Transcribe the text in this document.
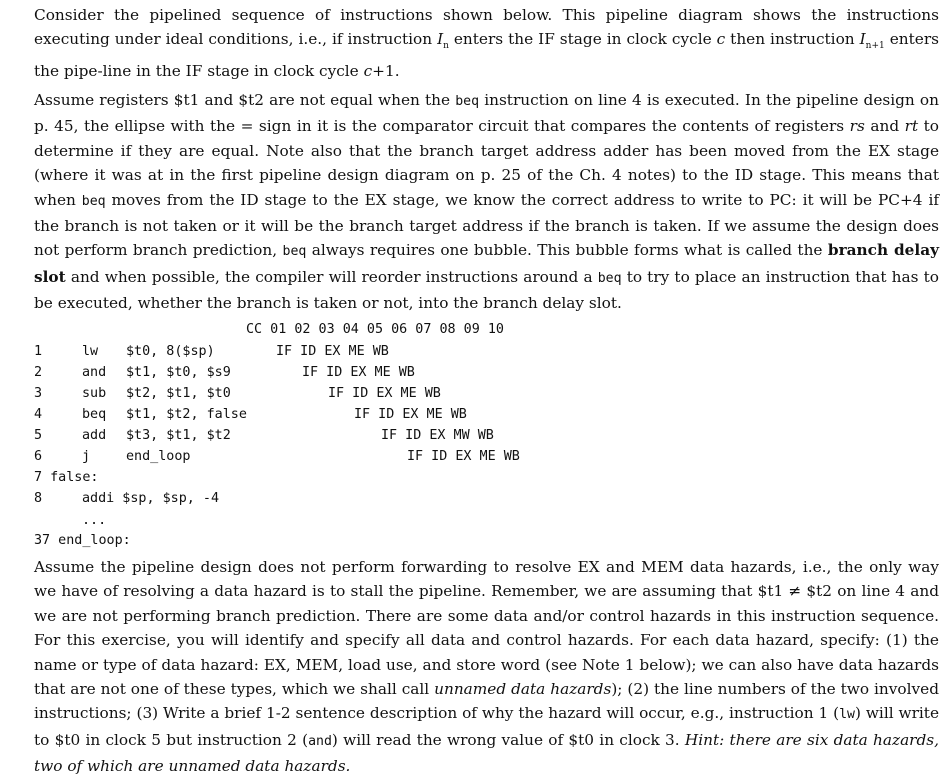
Consider the pipelined sequence of instructions shown below. This pipeline diagram shows the instructions executing under ideal conditions, i.e., if instruction $I_n$ enters the IF stage in clock cycle c then instruction $I_{n+1}$ enters the pipe-line in the IF stage in clock cycle c+1.
Assume registers $t1 and $t2 are not equal when the beq instruction on line 4 is executed. In the pipeline design on p. 45, the ellipse with the = sign in it is the comparator circuit that compares the contents of registers rs and rt to determine if they are equal. Note also that the branch target address adder has been moved from the EX stage (where it was at in the first pipeline design diagram on p. 25 of the Ch. 4 notes) to the ID stage. This means that when beq moves from the ID stage to the EX stage, we know the correct address to write to PC: it will be PC+4 if the branch is not taken or it will be the branch target address if the branch is taken. If we assume the design does not perform branch prediction, beq always requires one bubble. This bubble forms what is called the branch delay slot and when possible, the compiler will reorder instructions around a beq to try to place an instruction that has to be executed, whether the branch is taken or not, into the branch delay slot.
CC 01 02 03 04 05 06 07 08 09 10
1	lw $t0, 8($sp)	IF ID EX ME WB
2	and $t1, $t0, $s9	IF ID EX ME WB
3	sub $t2, $t1, $t0	IF ID EX ME WB
4	beq $t1, $t2, false	IF ID EX ME WB
5	add $t3, $t1, $t2	IF ID EX MW WB
6	j	end_loop	IF ID EX ME WB
7 false:
8	addi $sp, $sp, -4
...
37 end_loop:
Assume the pipeline design does not perform forwarding to resolve EX and MEM data hazards, i.e., the only way we have of resolving a data hazard is to stall the pipeline. Remember, we are assuming that $t1 ≠ $t2 on line 4 and we are not performing branch prediction. There are some data and/or control hazards in this instruction sequence. For this exercise, you will identify and specify all data and control hazards. For each data hazard, specify: (1) the name or type of data hazard: EX, MEM, load use, and store word (see Note 1 below); we can also have data hazards that are not one of these types, which we shall call unnamed data hazards); (2) the line numbers of the two involved instructions; (3) Write a brief 1-2 sentence description of why the hazard will occur, e.g., instruction 1 (lw) will write to $t0 in clock 5 but instruction 2 (and) will read the wrong value of $t0 in clock 3. Hint: there are six data hazards, two of which are unnamed data hazards.
